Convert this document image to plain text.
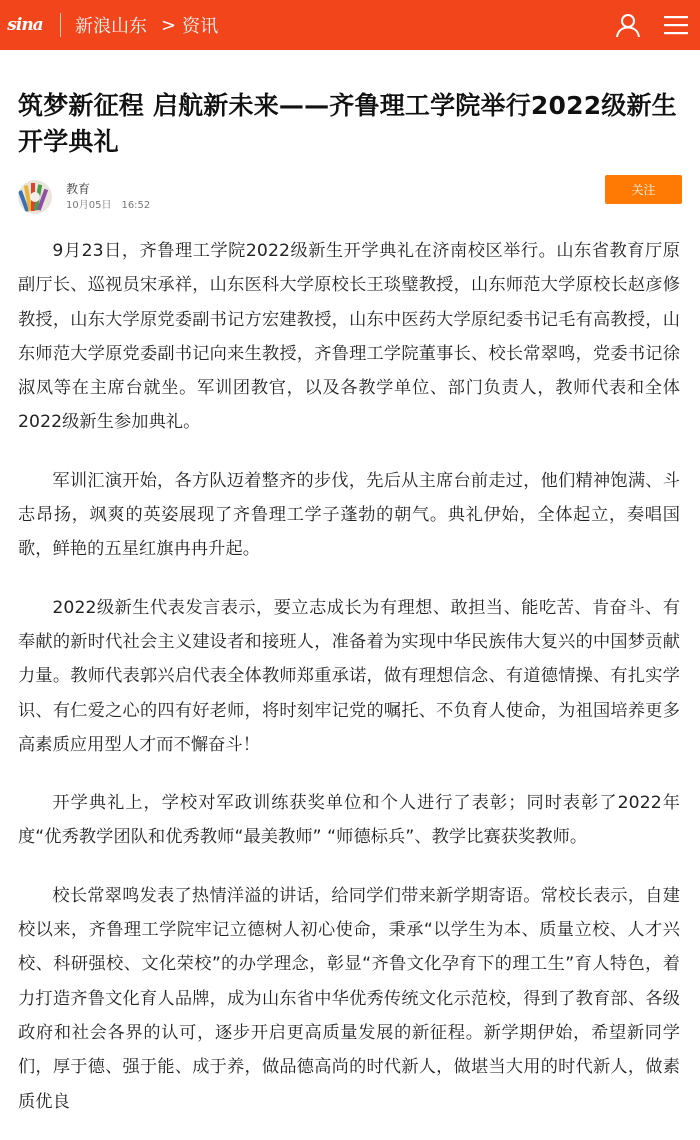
sina 新浪山东 > 资讯
筑梦新征程 启航新未来——齐鲁理工学院举行2022级新生开学典礼
教育
10月05日 16:52
关注

9月23日，齐鲁理工学院2022级新生开学典礼在济南校区举行。山东省教育厅原副厅长、巡视员宋承祥，山东医科大学原校长王琰璧教授，山东师范大学原校长赵彦修教授，山东大学原党委副书记方宏建教授，山东中医药大学原纪委书记毛有高教授，山东师范大学原党委副书记向来生教授，齐鲁理工学院董事长、校长常翠鸣，党委书记徐淑凤等在主席台就坐。军训团教官，以及各教学单位、部门负责人，教师代表和全体2022级新生参加典礼。

军训汇演开始，各方队迈着整齐的步伐，先后从主席台前走过，他们精神饱满、斗志昂扬，飒爽的英姿展现了齐鲁理工学子蓬勃的朝气。典礼伊始，全体起立，奏唱国歌，鲜艳的五星红旗冉冉升起。

2022级新生代表发言表示，要立志成长为有理想、敢担当、能吃苦、肯奋斗、有奉献的新时代社会主义建设者和接班人，准备着为实现中华民族伟大复兴的中国梦贡献力量。教师代表郭兴启代表全体教师郑重承诺，做有理想信念、有道德情操、有扎实学识、有仁爱之心的四有好老师，将时刻牢记党的嘱托、不负育人使命，为祖国培养更多高素质应用型人才而不懈奋斗！

开学典礼上，学校对军政训练获奖单位和个人进行了表彰；同时表彰了2022年度“优秀教学团队和优秀教师“最美教师” “师德标兵”、教学比赛获奖教师。

校长常翠鸣发表了热情洋溢的讲话，给同学们带来新学期寄语。常校长表示，自建校以来，齐鲁理工学院牢记立德树人初心使命，秉承“以学生为本、质量立校、人才兴校、科研强校、文化荣校”的办学理念，彰显“齐鲁文化孕育下的理工生”育人特色，着力打造齐鲁文化育人品牌，成为山东省中华优秀传统文化示范校，得到了教育部、各级政府和社会各界的认可，逐步开启更高质量发展的新征程。新学期伊始，希望新同学们，厚于德、强于能、成于养，做品德高尚的时代新人，做堪当大用的时代新人，做素质优良
